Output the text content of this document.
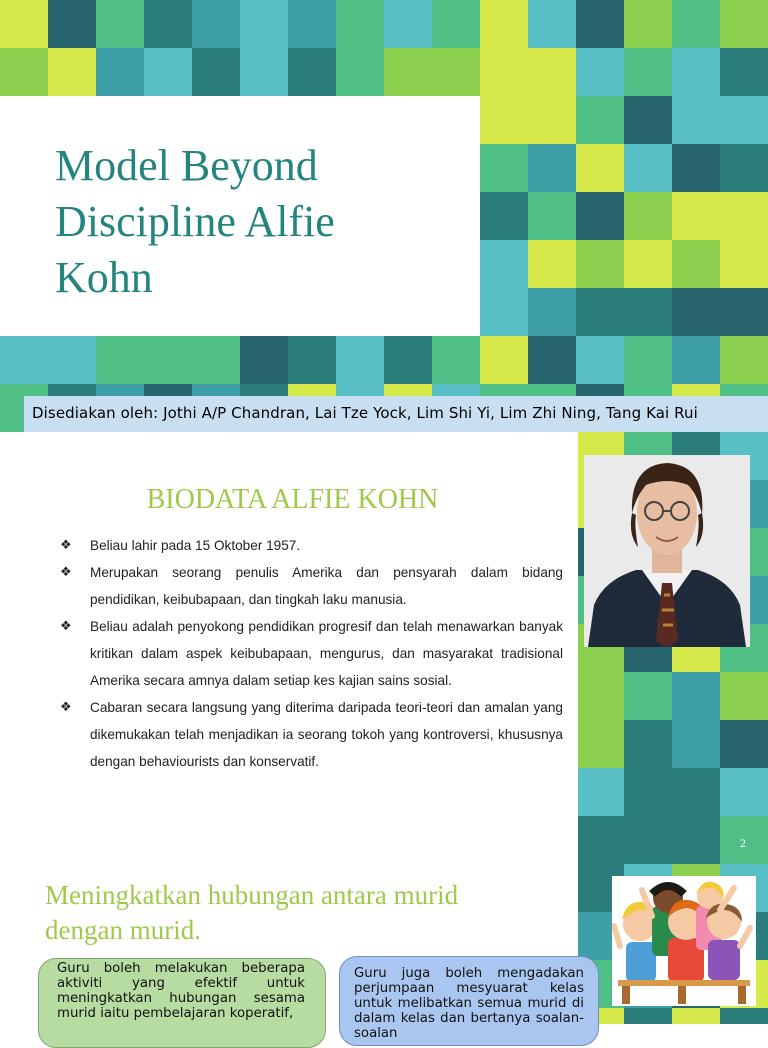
Model Beyond
Discipline Alfie
Kohn
Disediakan oleh: Jothi A/P Chandran, Lai Tze Yock, Lim Shi Yi, Lim Zhi Ning, Tang Kai Rui
BIODATA ALFIE KOHN
❖ Beliau lahir pada 15 Oktober 1957.
❖ Merupakan seorang penulis Amerika dan pensyarah dalam bidang pendidikan, keibubapaan, dan tingkah laku manusia.
❖ Beliau adalah penyokong pendidikan progresif dan telah menawarkan banyak kritikan dalam aspek keibubapaan, mengurus, dan masyarakat tradisional Amerika secara amnya dalam setiap kes kajian sains sosial.
❖ Cabaran secara langsung yang diterima daripada teori-teori dan amalan yang dikemukakan telah menjadikan ia seorang tokoh yang kontroversi, khususnya dengan behaviourists dan konservatif.
2
Meningkatkan hubungan antara murid
dengan murid.

Guru boleh melakukan beberapa aktiviti yang efektif untuk meningkatkan hubungan sesama murid iaitu pembelajaran koperatif,

Guru juga boleh mengadakan perjumpaan mesyuarat kelas untuk melibatkan semua murid di dalam kelas dan bertanya soalan-soalan
